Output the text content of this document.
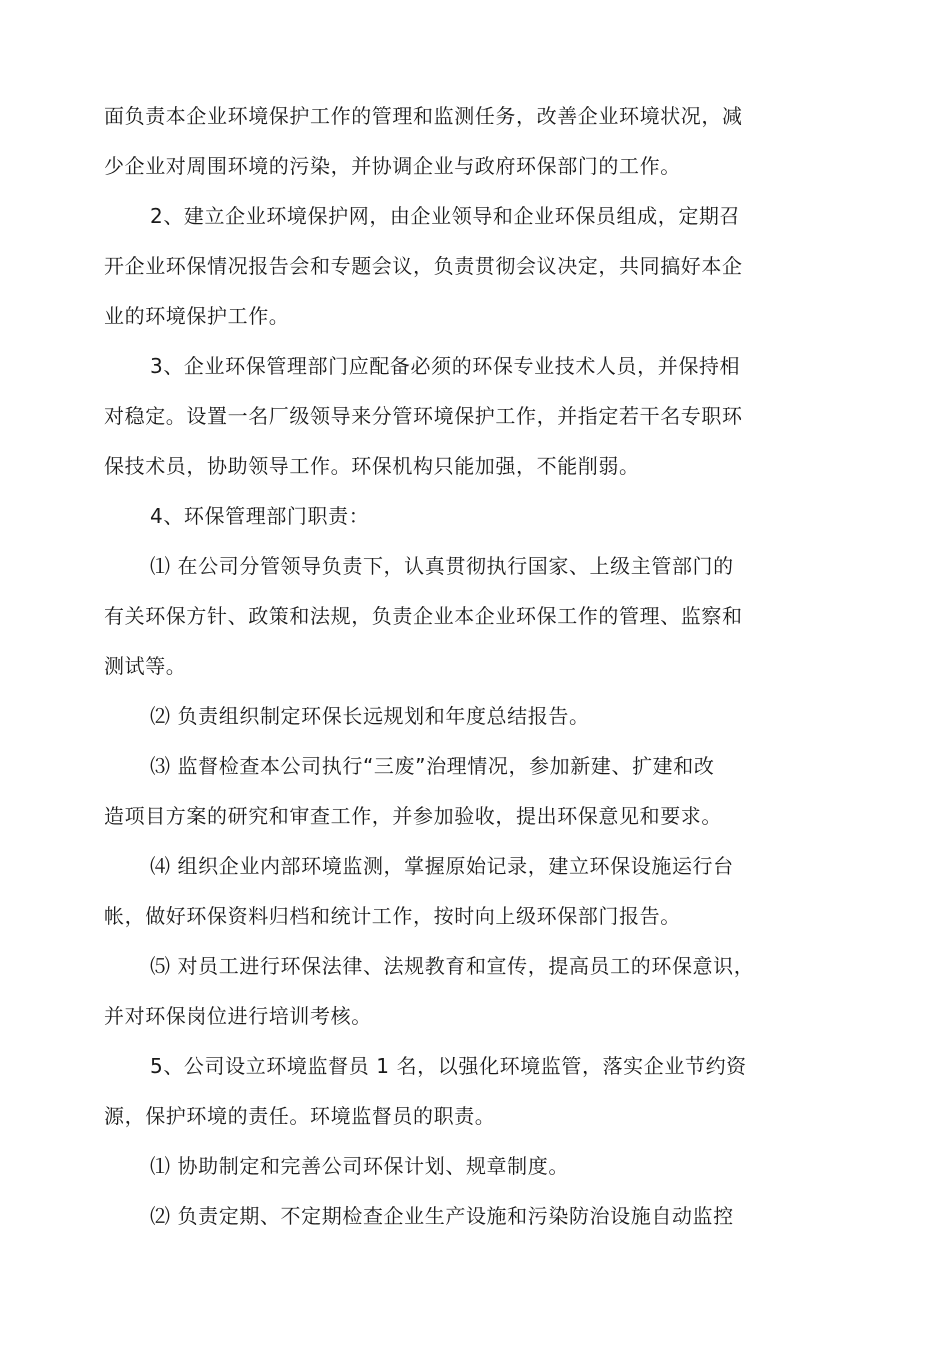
面负责本企业环境保护工作的管理和监测任务，改善企业环境状况，减
少企业对周围环境的污染，并协调企业与政府环保部门的工作。
2、建立企业环境保护网，由企业领导和企业环保员组成，定期召
开企业环保情况报告会和专题会议，负责贯彻会议决定，共同搞好本企
业的环境保护工作。
3、企业环保管理部门应配备必须的环保专业技术人员，并保持相
对稳定。设置一名厂级领导来分管环境保护工作，并指定若干名专职环
保技术员，协助领导工作。环保机构只能加强，不能削弱。
4、环保管理部门职责：
⑴ 在公司分管领导负责下，认真贯彻执行国家、上级主管部门的
有关环保方针、政策和法规，负责企业本企业环保工作的管理、监察和
测试等。
⑵ 负责组织制定环保长远规划和年度总结报告。
⑶ 监督检查本公司执行“三废”治理情况，参加新建、扩建和改
造项目方案的研究和审查工作，并参加验收，提出环保意见和要求。
⑷ 组织企业内部环境监测，掌握原始记录，建立环保设施运行台
帐，做好环保资料归档和统计工作，按时向上级环保部门报告。
⑸ 对员工进行环保法律、法规教育和宣传，提高员工的环保意识，
并对环保岗位进行培训考核。
5、公司设立环境监督员 1 名，以强化环境监管，落实企业节约资
源，保护环境的责任。环境监督员的职责。
⑴ 协助制定和完善公司环保计划、规章制度。
⑵ 负责定期、不定期检查企业生产设施和污染防治设施自动监控
